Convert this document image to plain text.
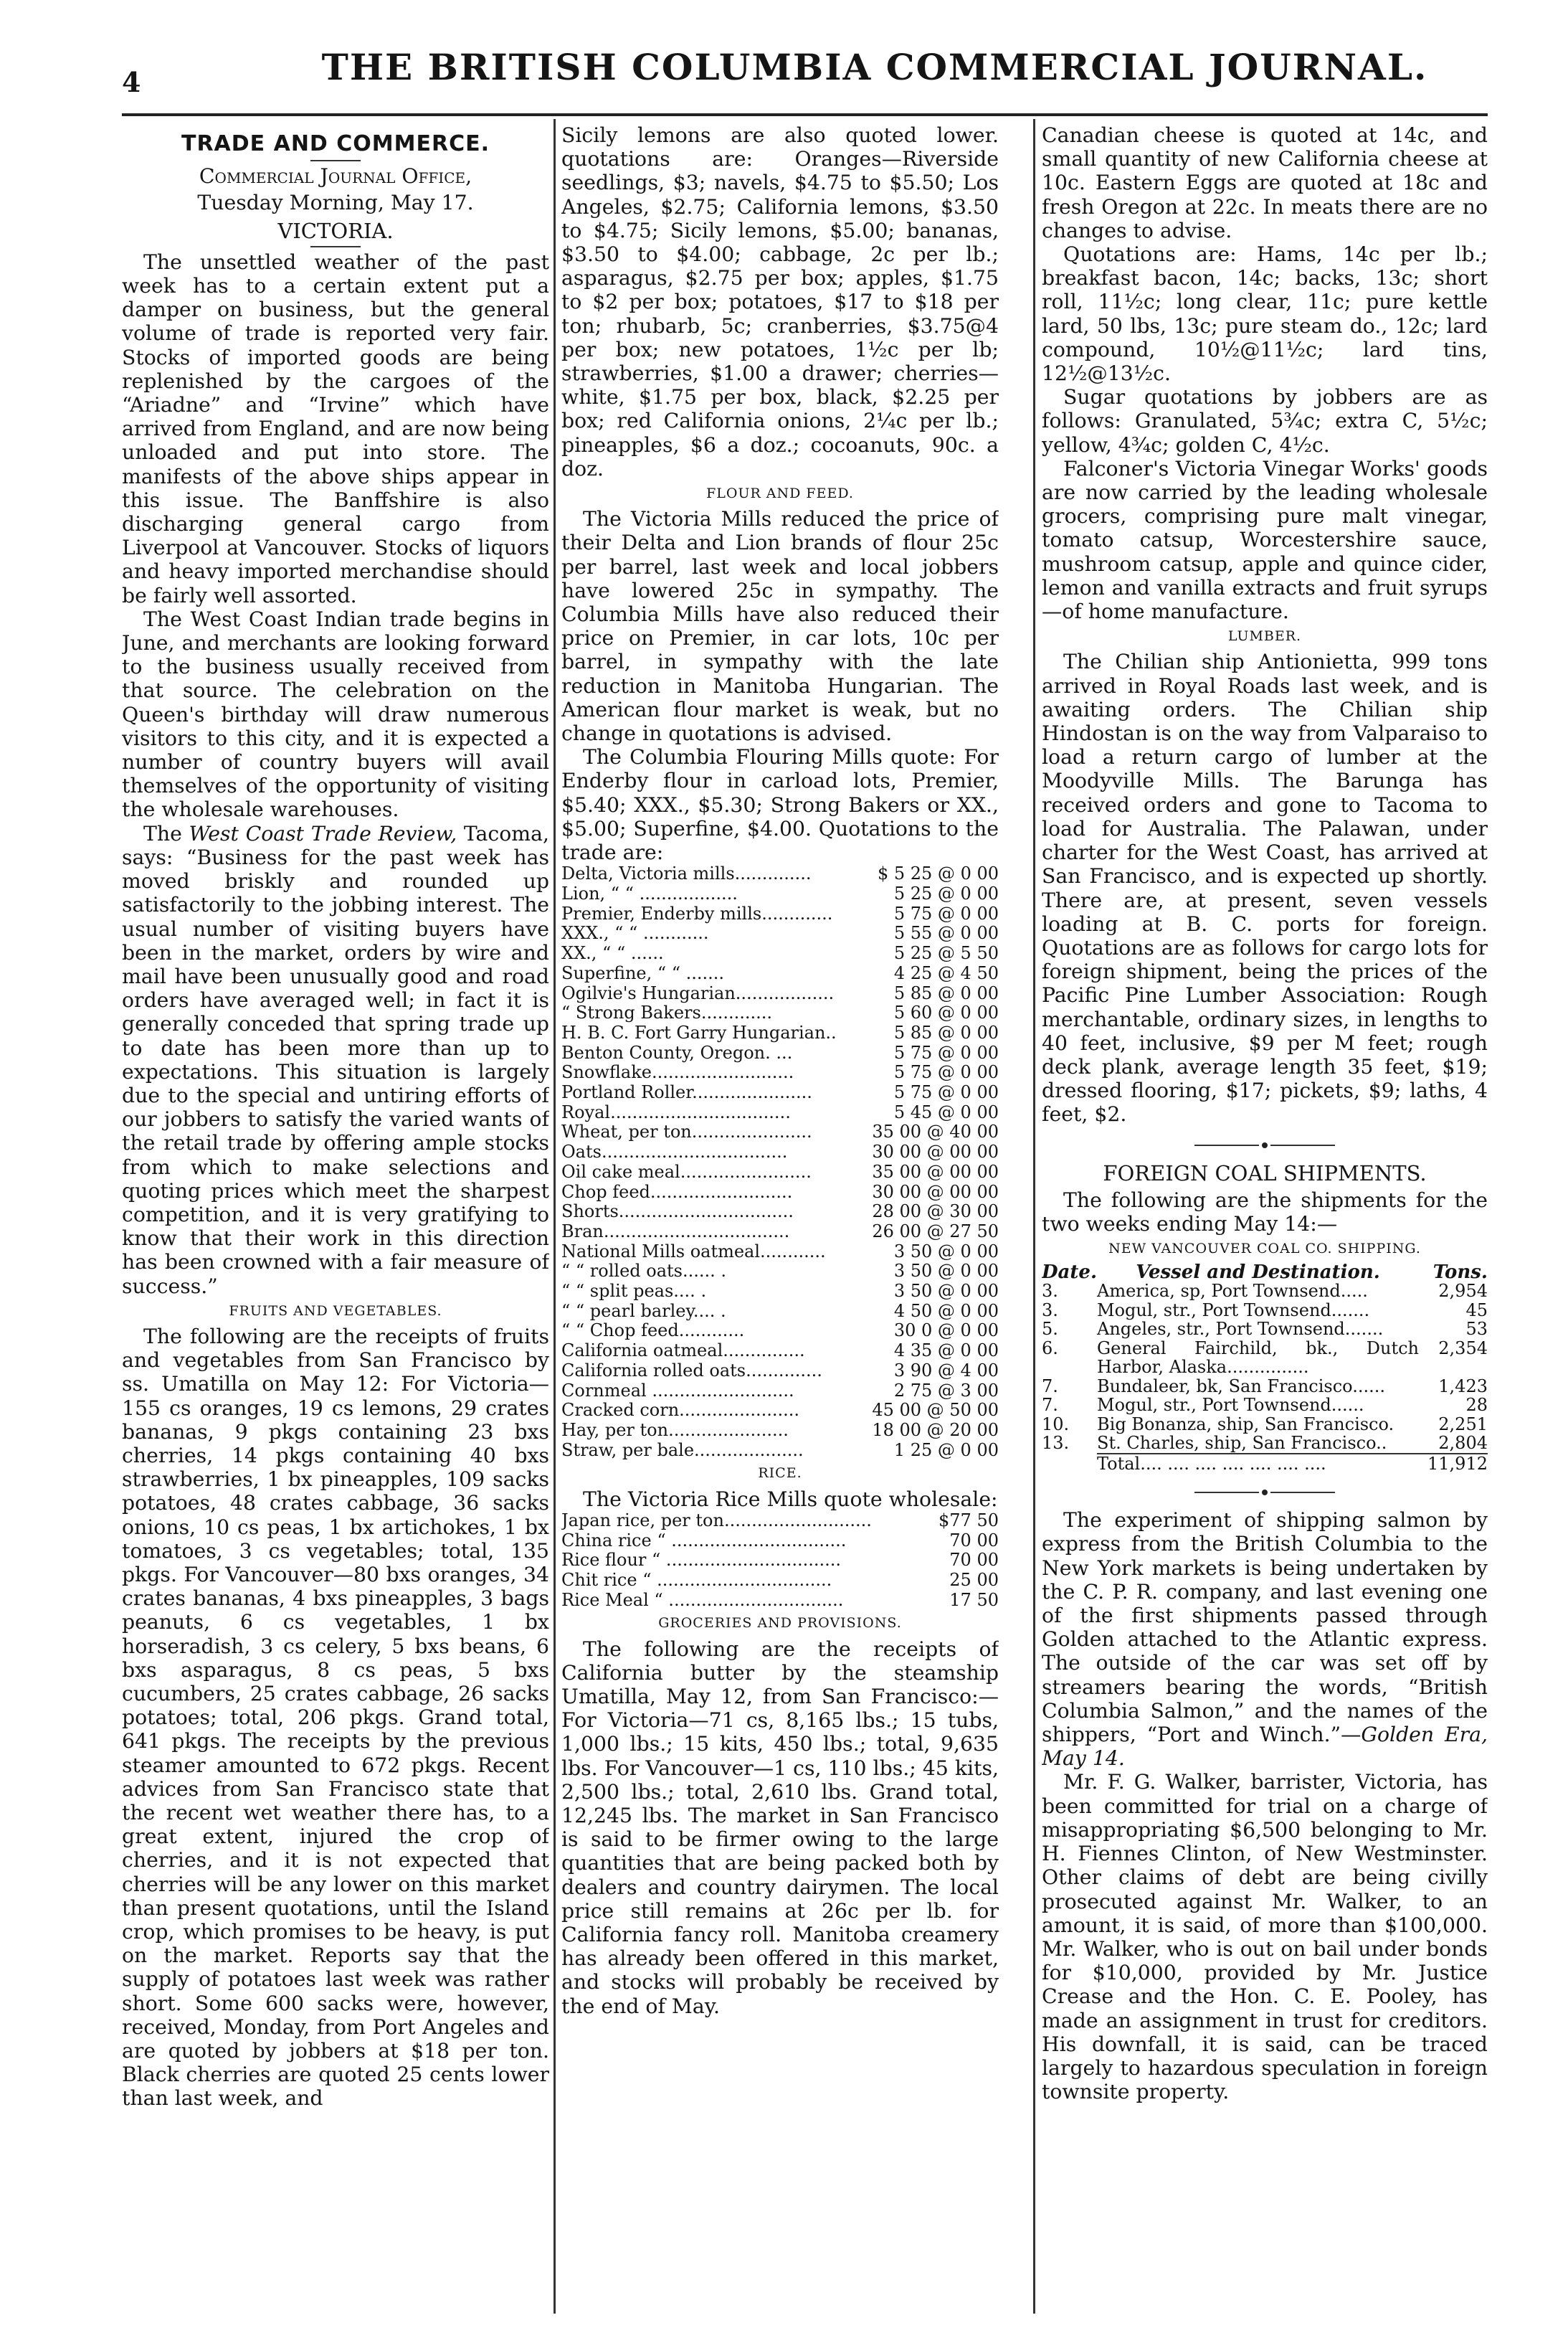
4	THE BRITISH COLUMBIA COMMERCIAL JOURNAL.
TRADE AND COMMERCE.
Commercial Journal Office,
Tuesday Morning, May 17.
VICTORIA.

The unsettled weather of the past week has to a certain extent put a damper on business, but the general volume of trade is reported very fair. Stocks of imported goods are being replenished by the cargoes of the “Ariadne” and “Irvine” which have arrived from England, and are now being unloaded and put into store. The manifests of the above ships appear in this issue. The Banffshire is also discharging general cargo from Liverpool at Vancouver. Stocks of liquors and heavy imported merchandise should be fairly well assorted.

The West Coast Indian trade begins in June, and merchants are looking forward to the business usually received from that source. The celebration on the Queen's birthday will draw numerous visitors to this city, and it is expected a number of country buyers will avail themselves of the opportunity of visiting the wholesale warehouses.

The West Coast Trade Review, Tacoma, says: “Business for the past week has moved briskly and rounded up satisfactorily to the jobbing interest. The usual number of visiting buyers have been in the market, orders by wire and mail have been unusually good and road orders have averaged well; in fact it is generally conceded that spring trade up to date has been more than up to expectations. This situation is largely due to the special and untiring efforts of our jobbers to satisfy the varied wants of the retail trade by offering ample stocks from which to make selections and quoting prices which meet the sharpest competition, and it is very gratifying to know that their work in this direction has been crowned with a fair measure of success.”

FRUITS AND VEGETABLES.

The following are the receipts of fruits and vegetables from San Francisco by ss. Umatilla on May 12: For Victoria—155 cs oranges, 19 cs lemons, 29 crates bananas, 9 pkgs containing 23 bxs cherries, 14 pkgs containing 40 bxs strawberries, 1 bx pineapples, 109 sacks potatoes, 48 crates cabbage, 36 sacks onions, 10 cs peas, 1 bx artichokes, 1 bx tomatoes, 3 cs vegetables; total, 135 pkgs. For Vancouver—80 bxs oranges, 34 crates bananas, 4 bxs pineapples, 3 bags peanuts, 6 cs vegetables, 1 bx horseradish, 3 cs celery, 5 bxs beans, 6 bxs asparagus, 8 cs peas, 5 bxs cucumbers, 25 crates cabbage, 26 sacks potatoes; total, 206 pkgs. Grand total, 641 pkgs. The receipts by the previous steamer amounted to 672 pkgs. Recent advices from San Francisco state that the recent wet weather there has, to a great extent, injured the crop of cherries, and it is not expected that cherries will be any lower on this market than present quotations, until the Island crop, which promises to be heavy, is put on the market. Reports say that the supply of potatoes last week was rather short. Some 600 sacks were, however, received, Monday, from Port Angeles and are quoted by jobbers at $18 per ton. Black cherries are quoted 25 cents lower than last week, and

Sicily lemons are also quoted lower. quotations are: Oranges—Riverside seedlings, $3; navels, $4.75 to $5.50; Los Angeles, $2.75; California lemons, $3.50 to $4.75; Sicily lemons, $5.00; bananas, $3.50 to $4.00; cabbage, 2c per lb.; asparagus, $2.75 per box; apples, $1.75 to $2 per box; potatoes, $17 to $18 per ton; rhubarb, 5c; cranberries, $3.75@4 per box; new potatoes, 1½c per lb; strawberries, $1.00 a drawer; cherries—white, $1.75 per box, black, $2.25 per box; red California onions, 2¼c per lb.; pineapples, $6 a doz.; cocoanuts, 90c. a doz.

FLOUR AND FEED.

The Victoria Mills reduced the price of their Delta and Lion brands of flour 25c per barrel, last week and local jobbers have lowered 25c in sympathy. The Columbia Mills have also reduced their price on Premier, in car lots, 10c per barrel, in sympathy with the late reduction in Manitoba Hungarian. The American flour market is weak, but no change in quotations is advised.

The Columbia Flouring Mills quote: For Enderby flour in carload lots, Premier, $5.40; XXX., $5.30; Strong Bakers or XX., $5.00; Superfine, $4.00. Quotations to the trade are:

Delta, Victoria mills..............	$ 5 25 @ 0 00
Lion, “ “ ..................	5 25 @ 0 00
Premier, Enderby mills.............	5 75 @ 0 00
XXX., “ “ ............	5 55 @ 0 00
XX., “ “ ......	5 25 @ 5 50
Superfine, “ “ .......	4 25 @ 4 50
Ogilvie's Hungarian..................	5 85 @ 0 00
“ Strong Bakers.............	5 60 @ 0 00
H. B. C. Fort Garry Hungarian..	5 85 @ 0 00
Benton County, Oregon. ...	5 75 @ 0 00
Snowflake..........................	5 75 @ 0 00
Portland Roller......................	5 75 @ 0 00
Royal.................................	5 45 @ 0 00
Wheat, per ton......................	35 00 @ 40 00
Oats..................................	30 00 @ 00 00
Oil cake meal........................	35 00 @ 00 00
Chop feed..........................	30 00 @ 00 00
Shorts................................	28 00 @ 30 00
Bran..................................	26 00 @ 27 50
National Mills oatmeal............	3 50 @ 0 00
“ “ rolled oats...... .	3 50 @ 0 00
“ “ split peas.... .	3 50 @ 0 00
“ “ pearl barley.... .	4 50 @ 0 00
“ “ Chop feed............	30 0 @ 0 00
California oatmeal...............	4 35 @ 0 00
California rolled oats..............	3 90 @ 4 00
Cornmeal ..........................	2 75 @ 3 00
Cracked corn......................	45 00 @ 50 00
Hay, per ton......................	18 00 @ 20 00
Straw, per bale....................	1 25 @ 0 00
RICE.

The Victoria Rice Mills quote wholesale:

Japan rice, per ton...........................	$77 50
China rice “ ................................	70 00
Rice flour “ ................................	70 00
Chit rice “ ................................	25 00
Rice Meal “ ................................	17 50
GROCERIES AND PROVISIONS.

The following are the receipts of California butter by the steamship Umatilla, May 12, from San Francisco:—For Victoria—71 cs, 8,165 lbs.; 15 tubs, 1,000 lbs.; 15 kits, 450 lbs.; total, 9,635 lbs. For Vancouver—1 cs, 110 lbs.; 45 kits, 2,500 lbs.; total, 2,610 lbs. Grand total, 12,245 lbs. The market in San Francisco is said to be firmer owing to the large quantities that are being packed both by dealers and country dairymen. The local price still remains at 26c per lb. for California fancy roll. Manitoba creamery has already been offered in this market, and stocks will probably be received by the end of May.

Canadian cheese is quoted at 14c, and small quantity of new California cheese at 10c. Eastern Eggs are quoted at 18c and fresh Oregon at 22c. In meats there are no changes to advise.

Quotations are: Hams, 14c per lb.; breakfast bacon, 14c; backs, 13c; short roll, 11½c; long clear, 11c; pure kettle lard, 50 lbs, 13c; pure steam do., 12c; lard compound, 10½@11½c; lard tins, 12½@13½c.

Sugar quotations by jobbers are as follows: Granulated, 5¾c; extra C, 5½c; yellow, 4¾c; golden C, 4½c.

Falconer's Victoria Vinegar Works' goods are now carried by the leading wholesale grocers, comprising pure malt vinegar, tomato catsup, Worcestershire sauce, mushroom catsup, apple and quince cider, lemon and vanilla extracts and fruit syrups—of home manufacture.

LUMBER.

The Chilian ship Antionietta, 999 tons arrived in Royal Roads last week, and is awaiting orders. The Chilian ship Hindostan is on the way from Valparaiso to load a return cargo of lumber at the Moodyville Mills. The Barunga has received orders and gone to Tacoma to load for Australia. The Palawan, under charter for the West Coast, has arrived at San Francisco, and is expected up shortly. There are, at present, seven vessels loading at B. C. ports for foreign. Quotations are as follows for cargo lots for foreign shipment, being the prices of the Pacific Pine Lumber Association: Rough merchantable, ordinary sizes, in lengths to 40 feet, inclusive, $9 per M feet; rough deck plank, average length 35 feet, $19; dressed flooring, $17; pickets, $9; laths, 4 feet, $2.

FOREIGN COAL SHIPMENTS.

The following are the shipments for the two weeks ending May 14:—

NEW VANCOUVER COAL CO. SHIPPING.
Date.	Vessel and Destination.	Tons.
3.	America, sp, Port Townsend.....	2,954
3.	Mogul, str., Port Townsend.......	45
5.	Angeles, str., Port Townsend.......	53
6.	General Fairchild, bk., Dutch Harbor, Alaska...............	2,354
7.	Bundaleer, bk, San Francisco......	1,423
7.	Mogul, str., Port Townsend......	28
10.	Big Bonanza, ship, San Francisco.	2,251
13.	St. Charles, ship, San Francisco..	2,804
	Total.... .... .... .... .... .... ....	11,912

The experiment of shipping salmon by express from the British Columbia to the New York markets is being undertaken by the C. P. R. company, and last evening one of the first shipments passed through Golden attached to the Atlantic express. The outside of the car was set off by streamers bearing the words, “British Columbia Salmon,” and the names of the shippers, “Port and Winch.”—Golden Era, May 14.

Mr. F. G. Walker, barrister, Victoria, has been committed for trial on a charge of misappropriating $6,500 belonging to Mr. H. Fiennes Clinton, of New Westminster. Other claims of debt are being civilly prosecuted against Mr. Walker, to an amount, it is said, of more than $100,000. Mr. Walker, who is out on bail under bonds for $10,000, provided by Mr. Justice Crease and the Hon. C. E. Pooley, has made an assignment in trust for creditors. His downfall, it is said, can be traced largely to hazardous speculation in foreign townsite property.
